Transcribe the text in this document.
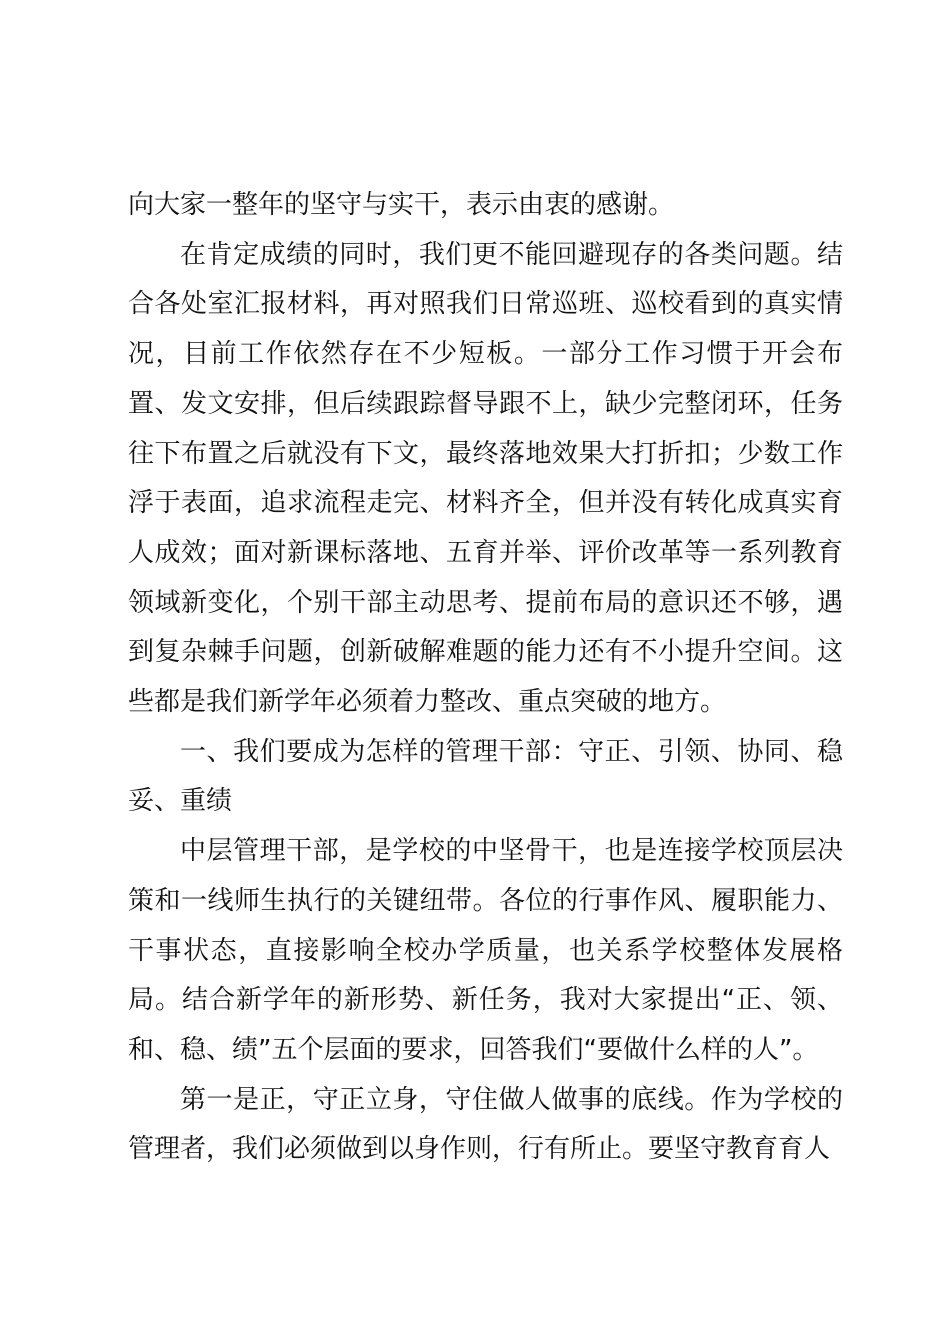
向大家一整年的坚守与实干，表示由衷的感谢。

在肯定成绩的同时，我们更不能回避现存的各类问题。结合各处室汇报材料，再对照我们日常巡班、巡校看到的真实情况，目前工作依然存在不少短板。一部分工作习惯于开会布置、发文安排，但后续跟踪督导跟不上，缺少完整闭环，任务往下布置之后就没有下文，最终落地效果大打折扣；少数工作浮于表面，追求流程走完、材料齐全，但并没有转化成真实育人成效；面对新课标落地、五育并举、评价改革等一系列教育领域新变化，个别干部主动思考、提前布局的意识还不够，遇到复杂棘手问题，创新破解难题的能力还有不小提升空间。这些都是我们新学年必须着力整改、重点突破的地方。

一、我们要成为怎样的管理干部：守正、引领、协同、稳妥、重绩

中层管理干部，是学校的中坚骨干，也是连接学校顶层决策和一线师生执行的关键纽带。各位的行事作风、履职能力、干事状态，直接影响全校办学质量，也关系学校整体发展格局。结合新学年的新形势、新任务，我对大家提出“正、领、和、稳、绩”五个层面的要求，回答我们“要做什么样的人”。

第一是正，守正立身，守住做人做事的底线。作为学校的管理者，我们必须做到以身作则，行有所止。要坚守教育育人
